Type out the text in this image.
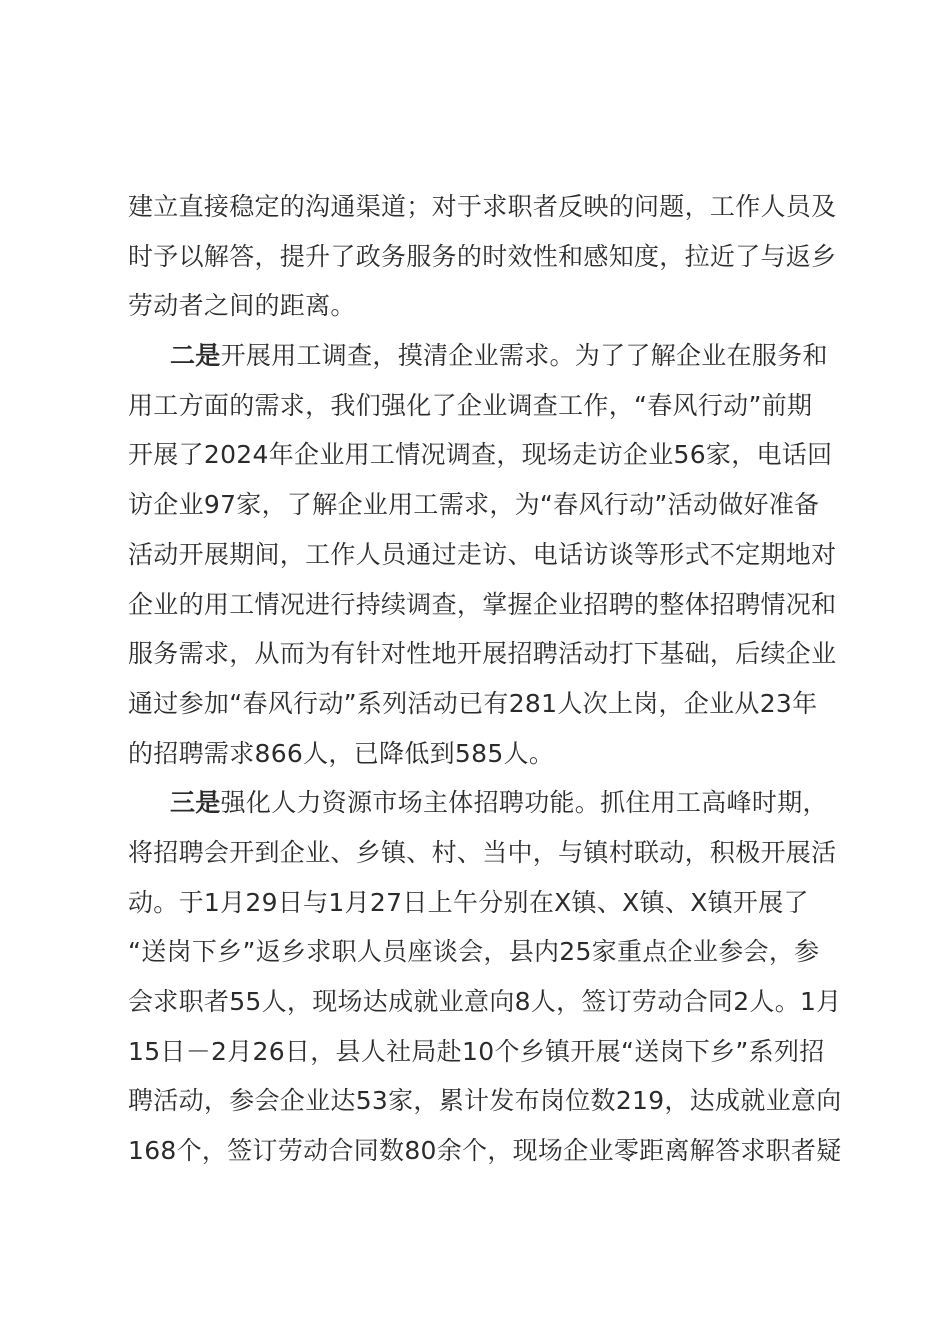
建立直接稳定的沟通渠道；对于求职者反映的问题，工作人员及
时予以解答，提升了政务服务的时效性和感知度，拉近了与返乡
劳动者之间的距离。
二是开展用工调查，摸清企业需求。为了了解企业在服务和
用工方面的需求，我们强化了企业调查工作，“春风行动”前期
开展了2024年企业用工情况调查，现场走访企业56家，电话回
访企业97家，了解企业用工需求，为“春风行动”活动做好准备
活动开展期间，工作人员通过走访、电话访谈等形式不定期地对
企业的用工情况进行持续调查，掌握企业招聘的整体招聘情况和
服务需求，从而为有针对性地开展招聘活动打下基础，后续企业
通过参加“春风行动”系列活动已有281人次上岗，企业从23年
的招聘需求866人，已降低到585人。
三是强化人力资源市场主体招聘功能。抓住用工高峰时期，
将招聘会开到企业、乡镇、村、当中，与镇村联动，积极开展活
动。于1月29日与1月27日上午分别在X镇、X镇、X镇开展了
“送岗下乡”返乡求职人员座谈会，县内25家重点企业参会，参
会求职者55人，现场达成就业意向8人，签订劳动合同2人。1月
15日－2月26日，县人社局赴10个乡镇开展“送岗下乡”系列招
聘活动，参会企业达53家，累计发布岗位数219，达成就业意向
168个，签订劳动合同数80余个，现场企业零距离解答求职者疑
